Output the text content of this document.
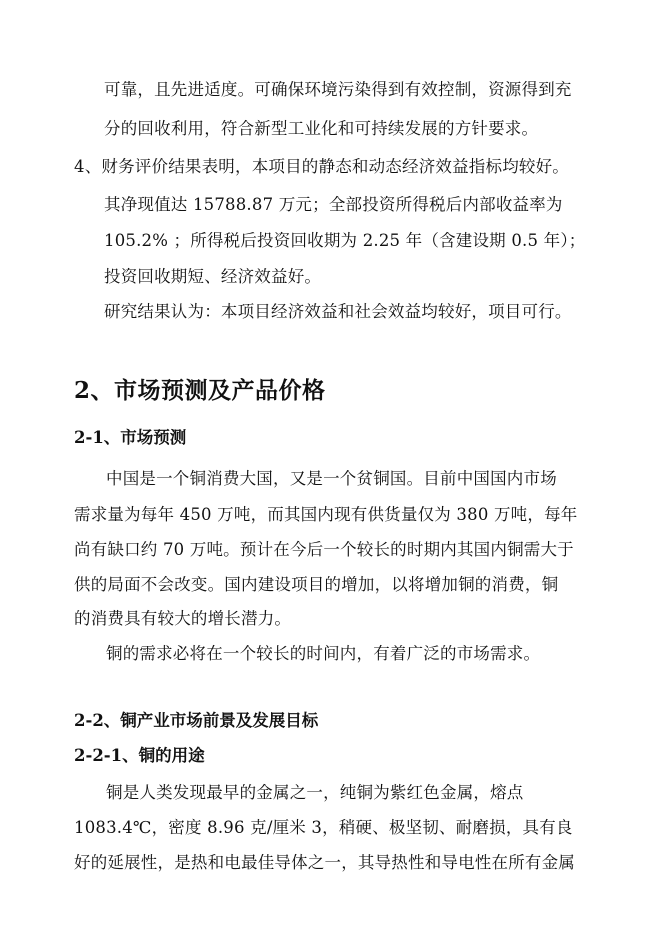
可靠，且先进适度。可确保环境污染得到有效控制，资源得到充
分的回收利用，符合新型工业化和可持续发展的方针要求。
4、财务评价结果表明，本项目的静态和动态经济效益指标均较好。
其净现值达 15788.87 万元；全部投资所得税后内部收益率为
105.2% ；所得税后投资回收期为 2.25 年（含建设期 0.5 年）；
投资回收期短、经济效益好。
研究结果认为：本项目经济效益和社会效益均较好，项目可行。
2、市场预测及产品价格
2-1、市场预测
中国是一个铜消费大国，又是一个贫铜国。目前中国国内市场
需求量为每年 450 万吨，而其国内现有供货量仅为 380 万吨，每年
尚有缺口约 70 万吨。预计在今后一个较长的时期内其国内铜需大于
供的局面不会改变。国内建设项目的增加，以将增加铜的消费，铜
的消费具有较大的增长潜力。
铜的需求必将在一个较长的时间内，有着广泛的市场需求。
2-2、铜产业市场前景及发展目标
2-2-1、铜的用途
铜是人类发现最早的金属之一，纯铜为紫红色金属，熔点
1083.4℃，密度 8.96 克/厘米 3，稍硬、极坚韧、耐磨损，具有良
好的延展性，是热和电最佳导体之一，其导热性和导电性在所有金属
